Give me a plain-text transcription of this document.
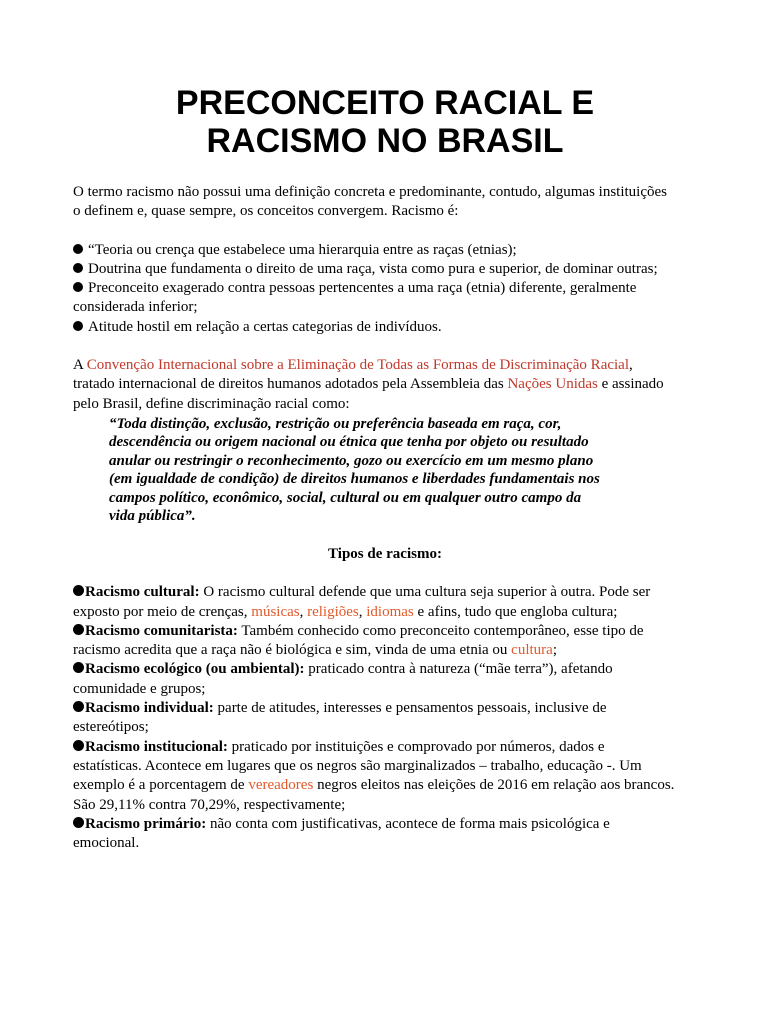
PRECONCEITO RACIAL E
RACISMO NO BRASIL

O termo racismo não possui uma definição concreta e predominante, contudo, algumas instituições
o definem e, quase sempre, os conceitos convergem. Racismo é:

“Teoria ou crença que estabelece uma hierarquia entre as raças (etnias);

Doutrina que fundamenta o direito de uma raça, vista como pura e superior, de dominar outras;

Preconceito exagerado contra pessoas pertencentes a uma raça (etnia) diferente, geralmente

considerada inferior;

Atitude hostil em relação a certas categorias de indivíduos.

A Convenção Internacional sobre a Eliminação de Todas as Formas de Discriminação Racial,
tratado internacional de direitos humanos adotados pela Assembleia das Nações Unidas e assinado
pelo Brasil, define discriminação racial como:

“Toda distinção, exclusão, restrição ou preferência baseada em raça, cor,
descendência ou origem nacional ou étnica que tenha por objeto ou resultado
anular ou restringir o reconhecimento, gozo ou exercício em um mesmo plano
(em igualdade de condição) de direitos humanos e liberdades fundamentais nos
campos político, econômico, social, cultural ou em qualquer outro campo da
vida pública”.

Tipos de racismo:

Racismo cultural: O racismo cultural defende que uma cultura seja superior à outra. Pode ser
exposto por meio de crenças, músicas, religiões, idiomas e afins, tudo que engloba cultura;

Racismo comunitarista: Também conhecido como preconceito contemporâneo, esse tipo de
racismo acredita que a raça não é biológica e sim, vinda de uma etnia ou cultura;

Racismo ecológico (ou ambiental): praticado contra à natureza (“mãe terra”), afetando
comunidade e grupos;

Racismo individual: parte de atitudes, interesses e pensamentos pessoais, inclusive de
estereótipos;

Racismo institucional: praticado por instituições e comprovado por números, dados e
estatísticas. Acontece em lugares que os negros são marginalizados – trabalho, educação -. Um
exemplo é a porcentagem de vereadores negros eleitos nas eleições de 2016 em relação aos brancos.
São 29,11% contra 70,29%, respectivamente;

Racismo primário: não conta com justificativas, acontece de forma mais psicológica e
emocional.
